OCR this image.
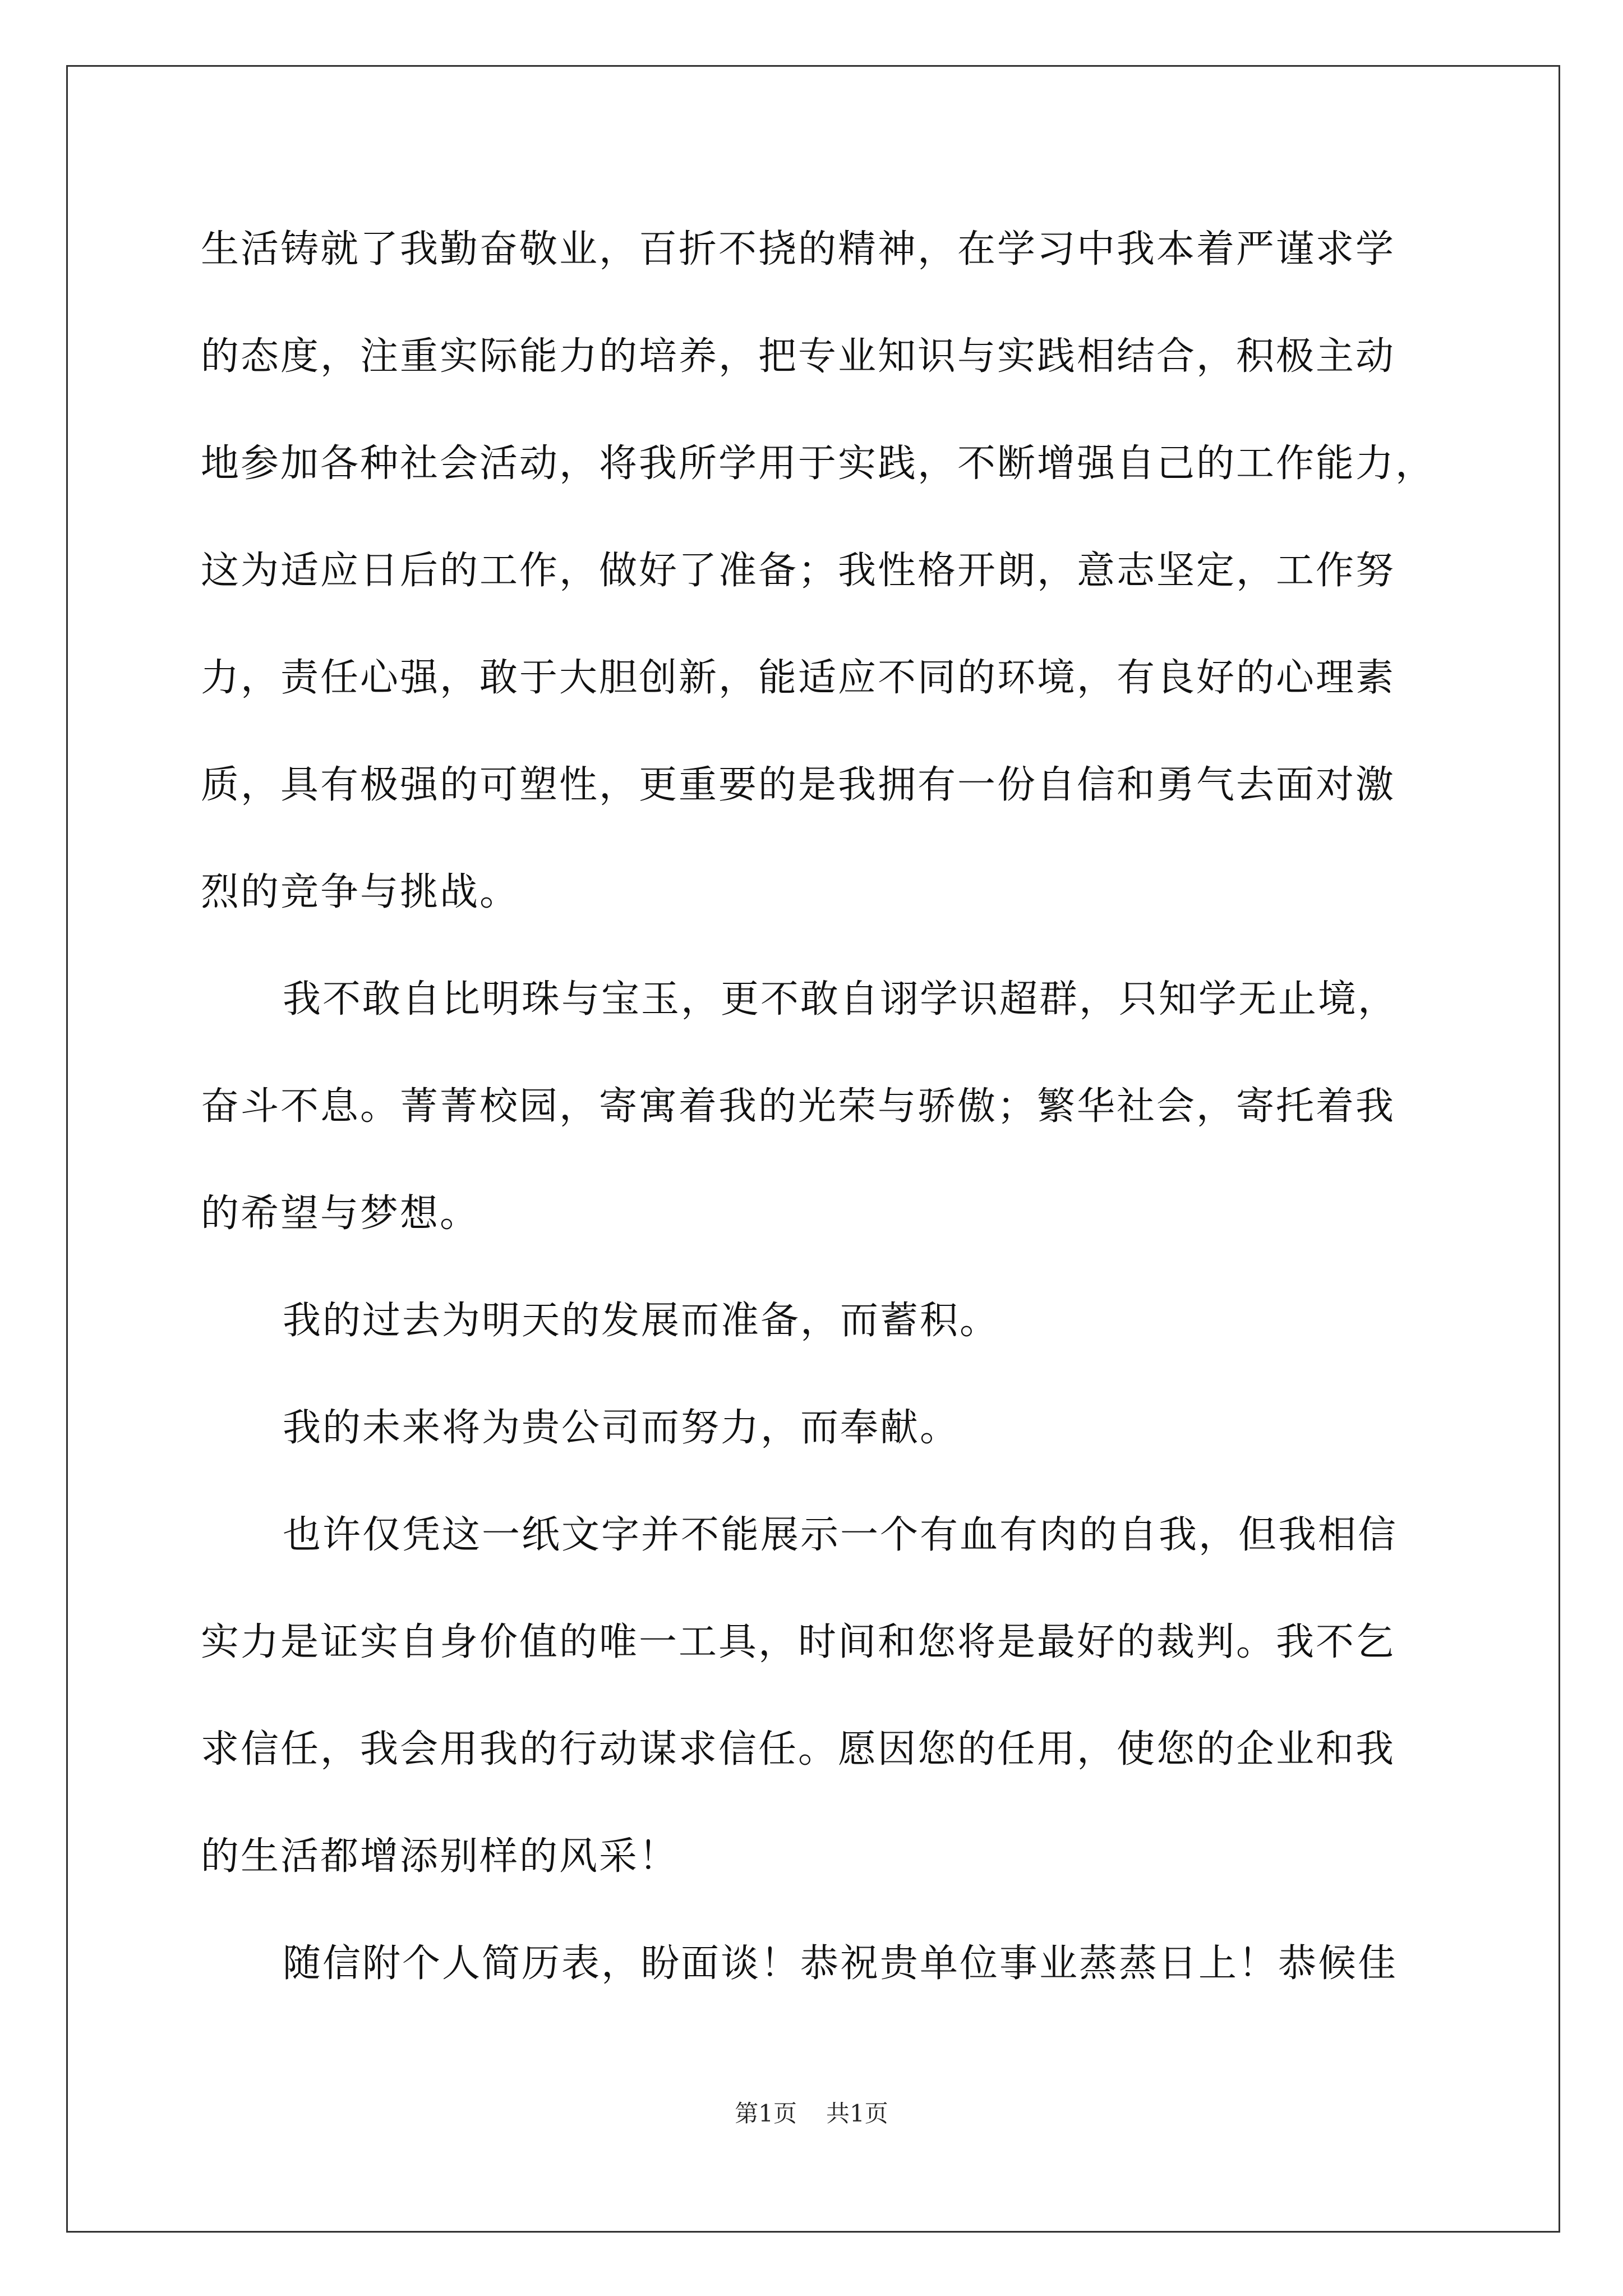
生活铸就了我勤奋敬业，百折不挠的精神，在学习中我本着严谨求学
的态度，注重实际能力的培养，把专业知识与实践相结合，积极主动
地参加各种社会活动，将我所学用于实践，不断增强自己的工作能力，
这为适应日后的工作，做好了准备；我性格开朗，意志坚定，工作努
力，责任心强，敢于大胆创新，能适应不同的环境，有良好的心理素
质，具有极强的可塑性，更重要的是我拥有一份自信和勇气去面对激
烈的竞争与挑战。
我不敢自比明珠与宝玉，更不敢自诩学识超群，只知学无止境，
奋斗不息。菁菁校园，寄寓着我的光荣与骄傲；繁华社会，寄托着我
的希望与梦想。
我的过去为明天的发展而准备，而蓄积。
我的未来将为贵公司而努力，而奉献。
也许仅凭这一纸文字并不能展示一个有血有肉的自我，但我相信
实力是证实自身价值的唯一工具，时间和您将是最好的裁判。我不乞
求信任，我会用我的行动谋求信任。愿因您的任用，使您的企业和我
的生活都增添别样的风采！
随信附个人简历表，盼面谈！恭祝贵单位事业蒸蒸日上！恭候佳
第1页 共1页
